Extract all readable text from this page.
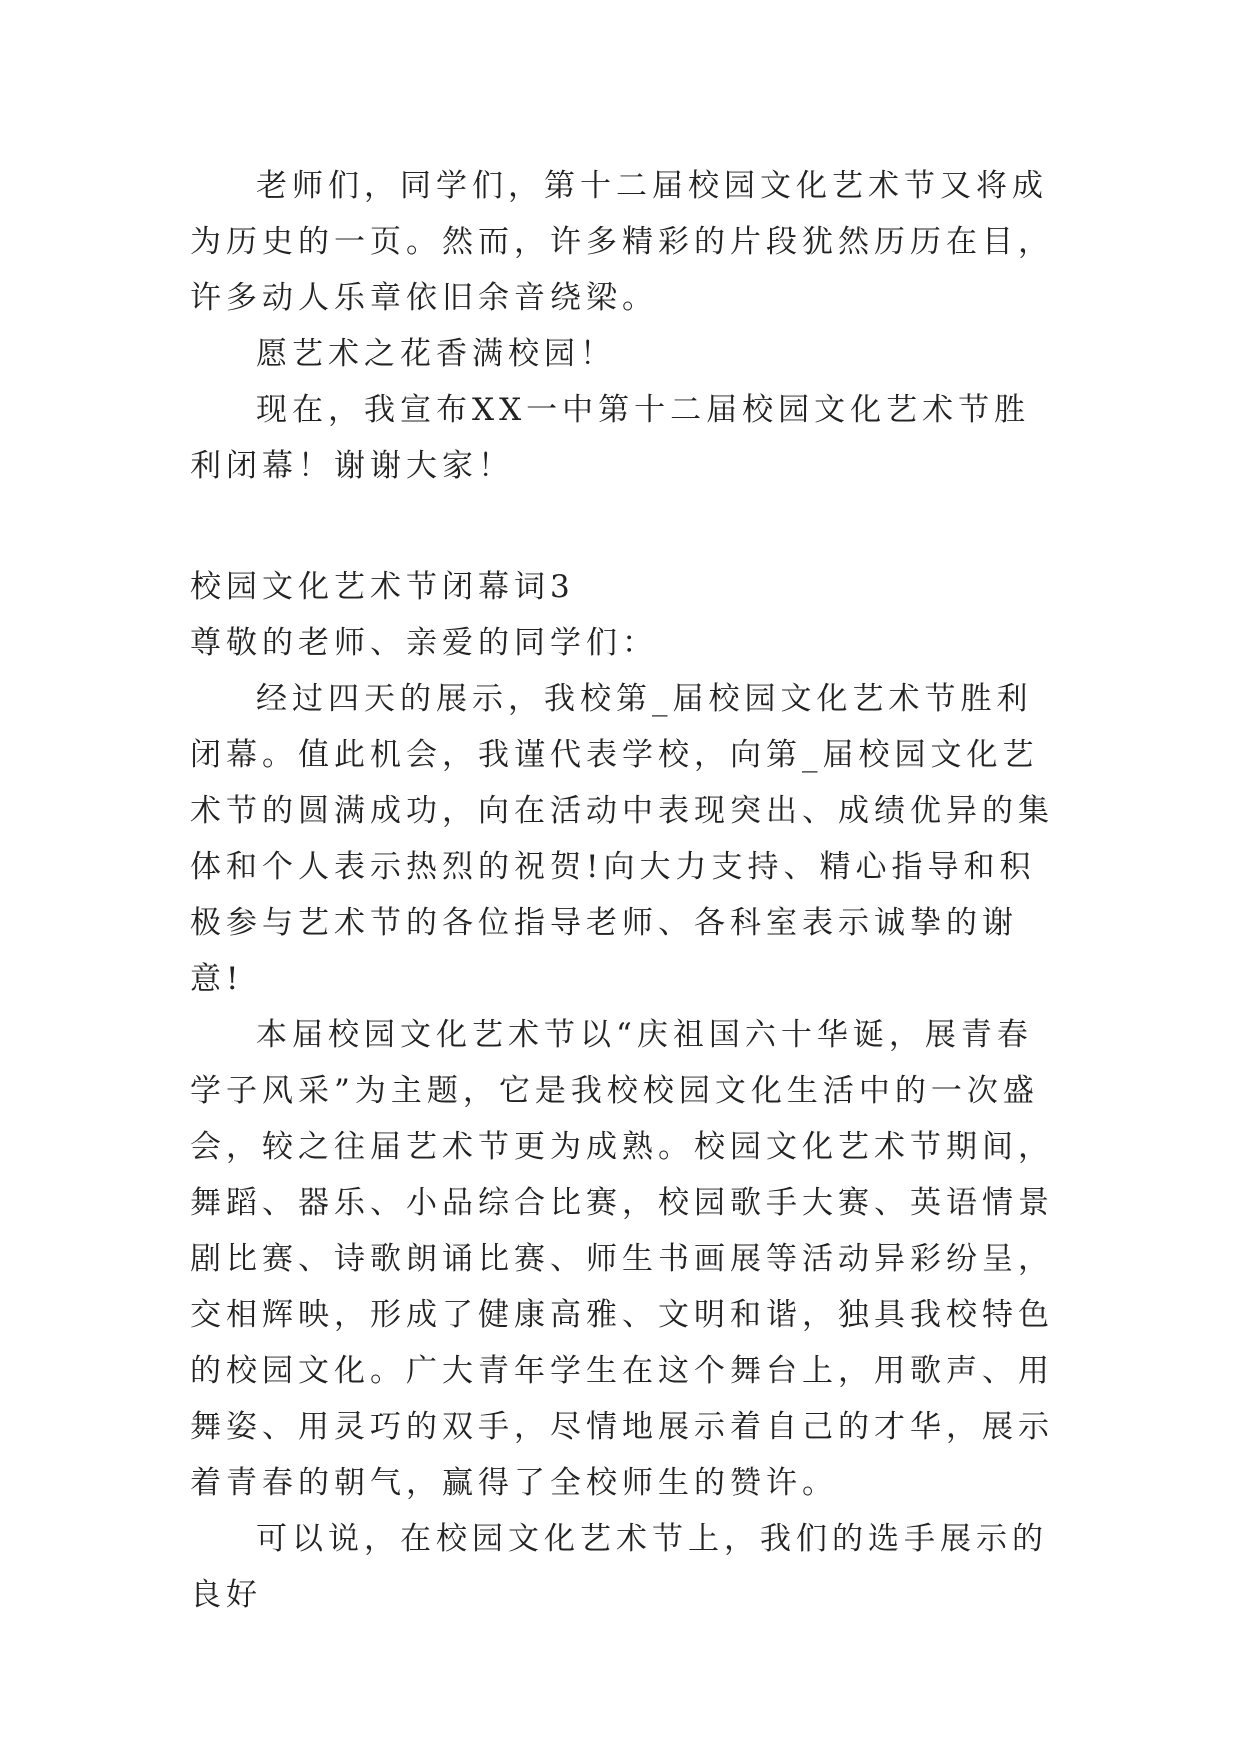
老师们，同学们，第十二届校园文化艺术节又将成为历史的一页。然而，许多精彩的片段犹然历历在目，许多动人乐章依旧余音绕梁。

愿艺术之花香满校园！

现在，我宣布XX一中第十二届校园文化艺术节胜利闭幕！谢谢大家！

校园文化艺术节闭幕词3

尊敬的老师、亲爱的同学们：

经过四天的展示，我校第_届校园文化艺术节胜利闭幕。值此机会，我谨代表学校，向第_届校园文化艺术节的圆满成功，向在活动中表现突出、成绩优异的集体和个人表示热烈的祝贺!向大力支持、精心指导和积极参与艺术节的各位指导老师、各科室表示诚挚的谢意!

本届校园文化艺术节以“庆祖国六十华诞，展青春学子风采”为主题，它是我校校园文化生活中的一次盛会，较之往届艺术节更为成熟。校园文化艺术节期间，舞蹈、器乐、小品综合比赛，校园歌手大赛、英语情景剧比赛、诗歌朗诵比赛、师生书画展等活动异彩纷呈，交相辉映，形成了健康高雅、文明和谐，独具我校特色的校园文化。广大青年学生在这个舞台上，用歌声、用舞姿、用灵巧的双手，尽情地展示着自己的才华，展示着青春的朝气，赢得了全校师生的赞许。

可以说，在校园文化艺术节上，我们的选手展示的良好
